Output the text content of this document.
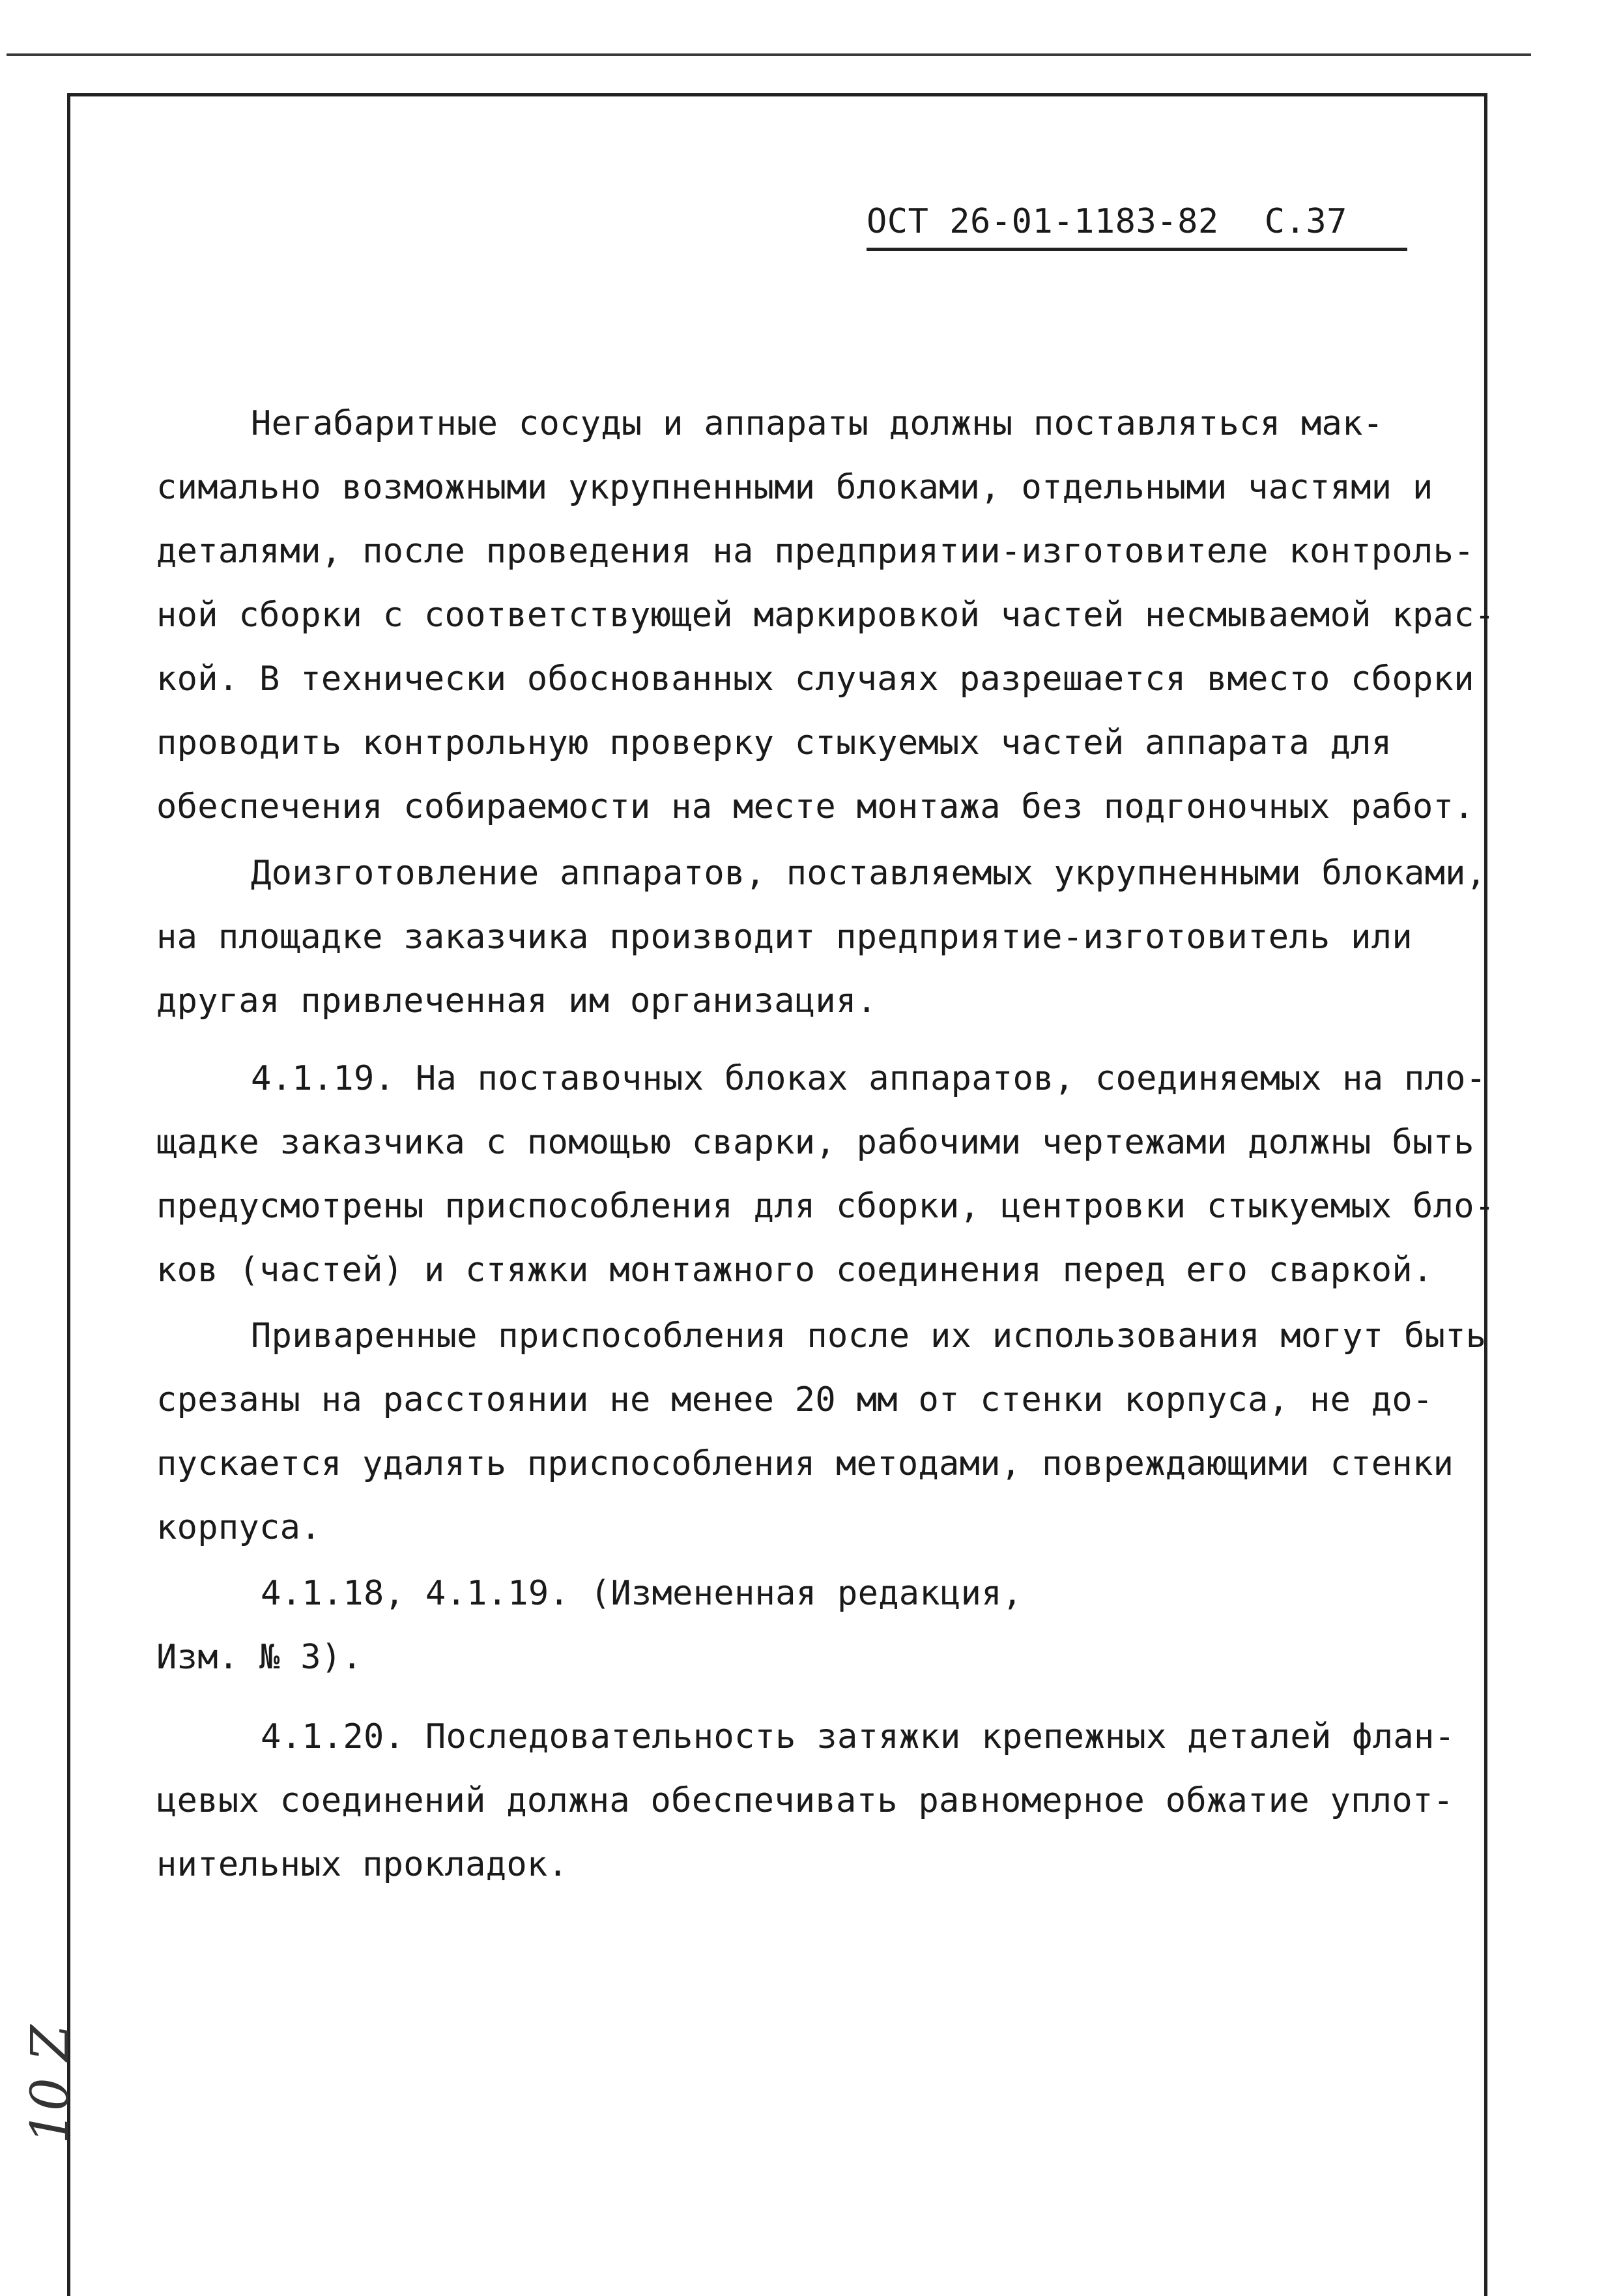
ОСТ 26-01-1183-82 С.37
Негабаритные сосуды и аппараты должны поставляться мак-
симально возможными укрупненными блоками, отдельными частями и
деталями, после проведения на предприятии-изготовителе контроль-
ной сборки с соответствующей маркировкой частей несмываемой крас-
кой. В технически обоснованных случаях разрешается вместо сборки
проводить контрольную проверку стыкуемых частей аппарата для
обеспечения собираемости на месте монтажа без подгоночных работ.
Доизготовление аппаратов, поставляемых укрупненными блоками,
на площадке заказчика производит предприятие-изготовитель или
другая привлеченная им организация.
4.1.19. На поставочных блоках аппаратов, соединяемых на пло-
щадке заказчика с помощью сварки, рабочими чертежами должны быть
предусмотрены приспособления для сборки, центровки стыкуемых бло-
ков (частей) и стяжки монтажного соединения перед его сваркой.
Приваренные приспособления после их использования могут быть
срезаны на расстоянии не менее 20 мм от стенки корпуса, не до-
пускается удалять приспособления методами, повреждающими стенки
корпуса.
4.1.18, 4.1.19. (Измененная редакция,
Изм. № 3).
4.1.20. Последовательность затяжки крепежных деталей флан-
цевых соединений должна обеспечивать равномерное обжатие уплот-
нительных прокладок.
10 Z
